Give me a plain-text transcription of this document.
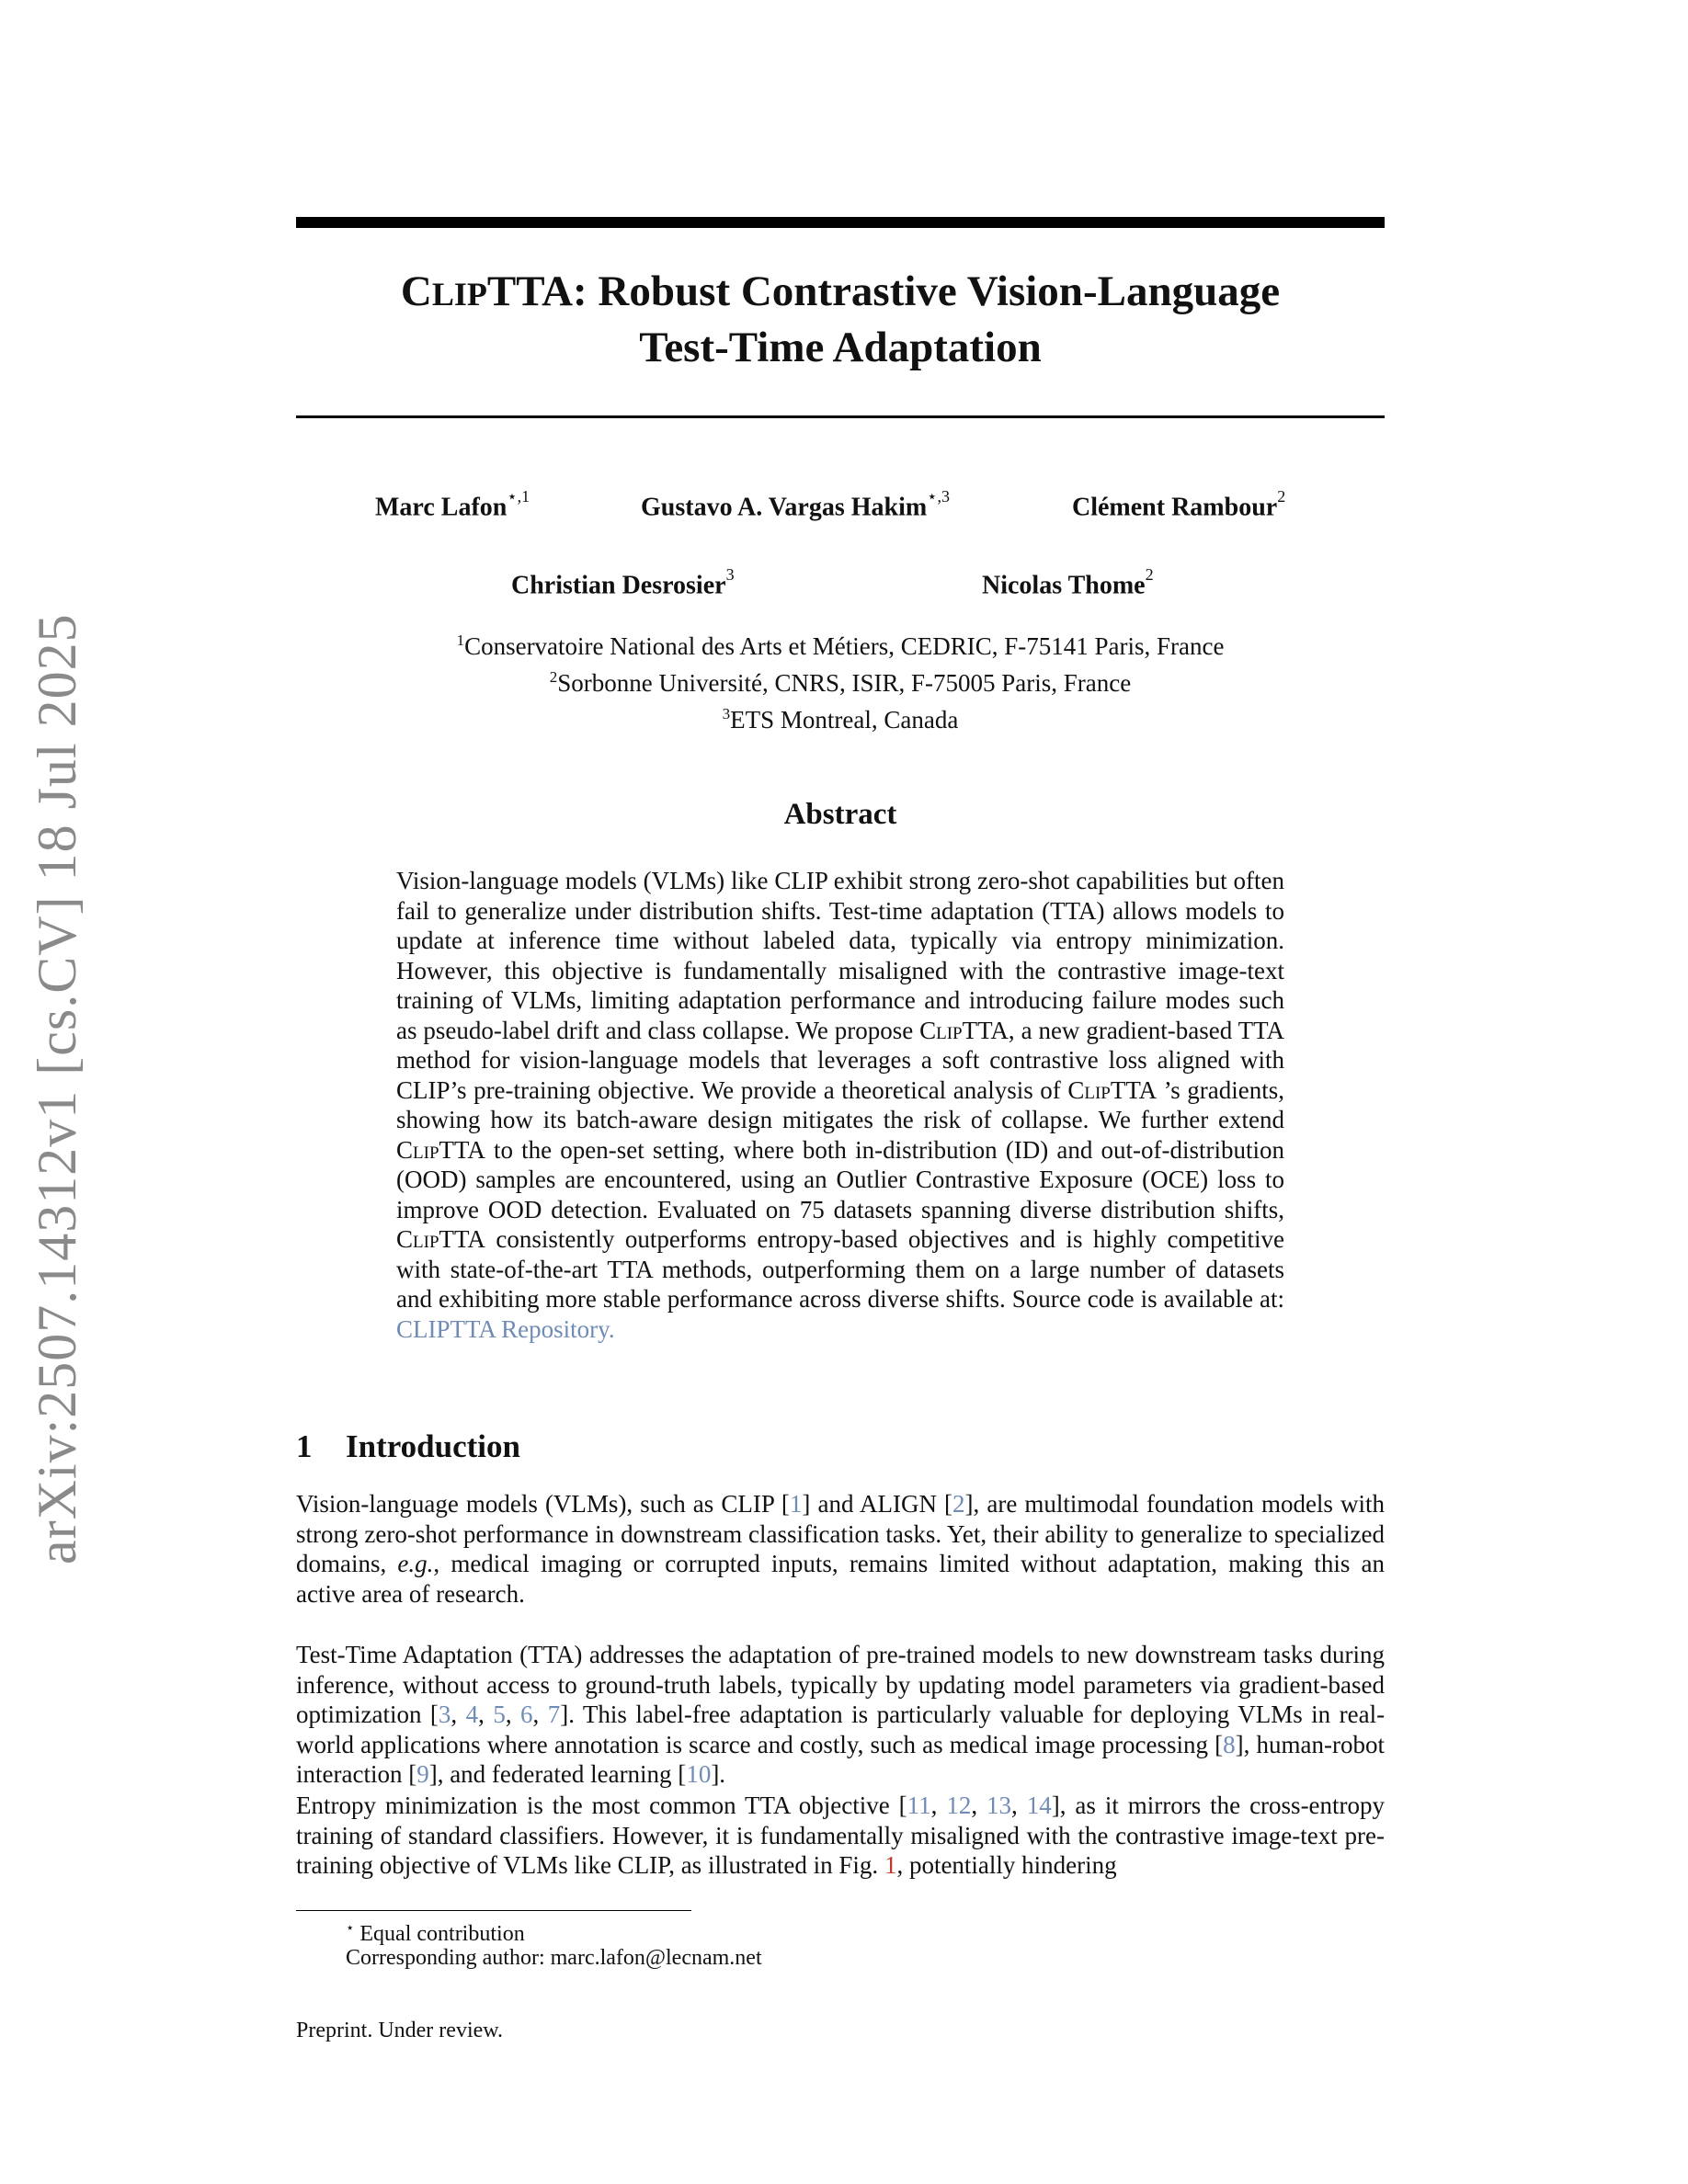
arXiv:2507.14312v1 [cs.CV] 18 Jul 2025
CLIPTTA: Robust Contrastive Vision-Language
Test-Time Adaptation
Marc Lafon$^{⋆,1}$	Gustavo A. Vargas Hakim$^{⋆,3}$	Clément Rambour$^2$
Christian Desrosier$^3$	Nicolas Thome$^2$
$^1$Conservatoire National des Arts et Métiers, CEDRIC, F-75141 Paris, France
$^2$Sorbonne Université, CNRS, ISIR, F-75005 Paris, France
$^3$ETS Montreal, Canada
Abstract
Vision-language models (VLMs) like CLIP exhibit strong zero-shot capabilities but often fail to generalize under distribution shifts. Test-time adaptation (TTA) allows models to update at inference time without labeled data, typically via entropy minimization. However, this objective is fundamentally misaligned with the contrastive image-text training of VLMs, limiting adaptation performance and introducing failure modes such as pseudo-label drift and class collapse. We propose ClipTTA, a new gradient-based TTA method for vision-language models that leverages a soft contrastive loss aligned with CLIP’s pre-training objective. We provide a theoretical analysis of ClipTTA ’s gradients, showing how its batch-aware design mitigates the risk of collapse. We further extend ClipTTA to the open-set setting, where both in-distribution (ID) and out-of-distribution (OOD) samples are encountered, using an Outlier Contrastive Exposure (OCE) loss to improve OOD detection. Evaluated on 75 datasets spanning diverse distribution shifts, ClipTTA consistently outperforms entropy-based objectives and is highly competitive with state-of-the-art TTA methods, outperforming them on a large number of datasets and exhibiting more stable performance across diverse shifts. Source code is available at: CLIPTTA Repository.
1 Introduction
Vision-language models (VLMs), such as CLIP [1] and ALIGN [2], are multimodal foundation models with strong zero-shot performance in downstream classification tasks. Yet, their ability to generalize to specialized domains, e.g., medical imaging or corrupted inputs, remains limited without adaptation, making this an active area of research.
Test-Time Adaptation (TTA) addresses the adaptation of pre-trained models to new downstream tasks during inference, without access to ground-truth labels, typically by updating model parameters via gradient-based optimization [3, 4, 5, 6, 7]. This label-free adaptation is particularly valuable for deploying VLMs in real-world applications where annotation is scarce and costly, such as medical image processing [8], human-robot interaction [9], and federated learning [10].
Entropy minimization is the most common TTA objective [11, 12, 13, 14], as it mirrors the cross-entropy training of standard classifiers. However, it is fundamentally misaligned with the contrastive image-text pre-training objective of VLMs like CLIP, as illustrated in Fig. 1, potentially hindering
⋆ Equal contribution
Corresponding author: marc.lafon@lecnam.net
Preprint. Under review.
